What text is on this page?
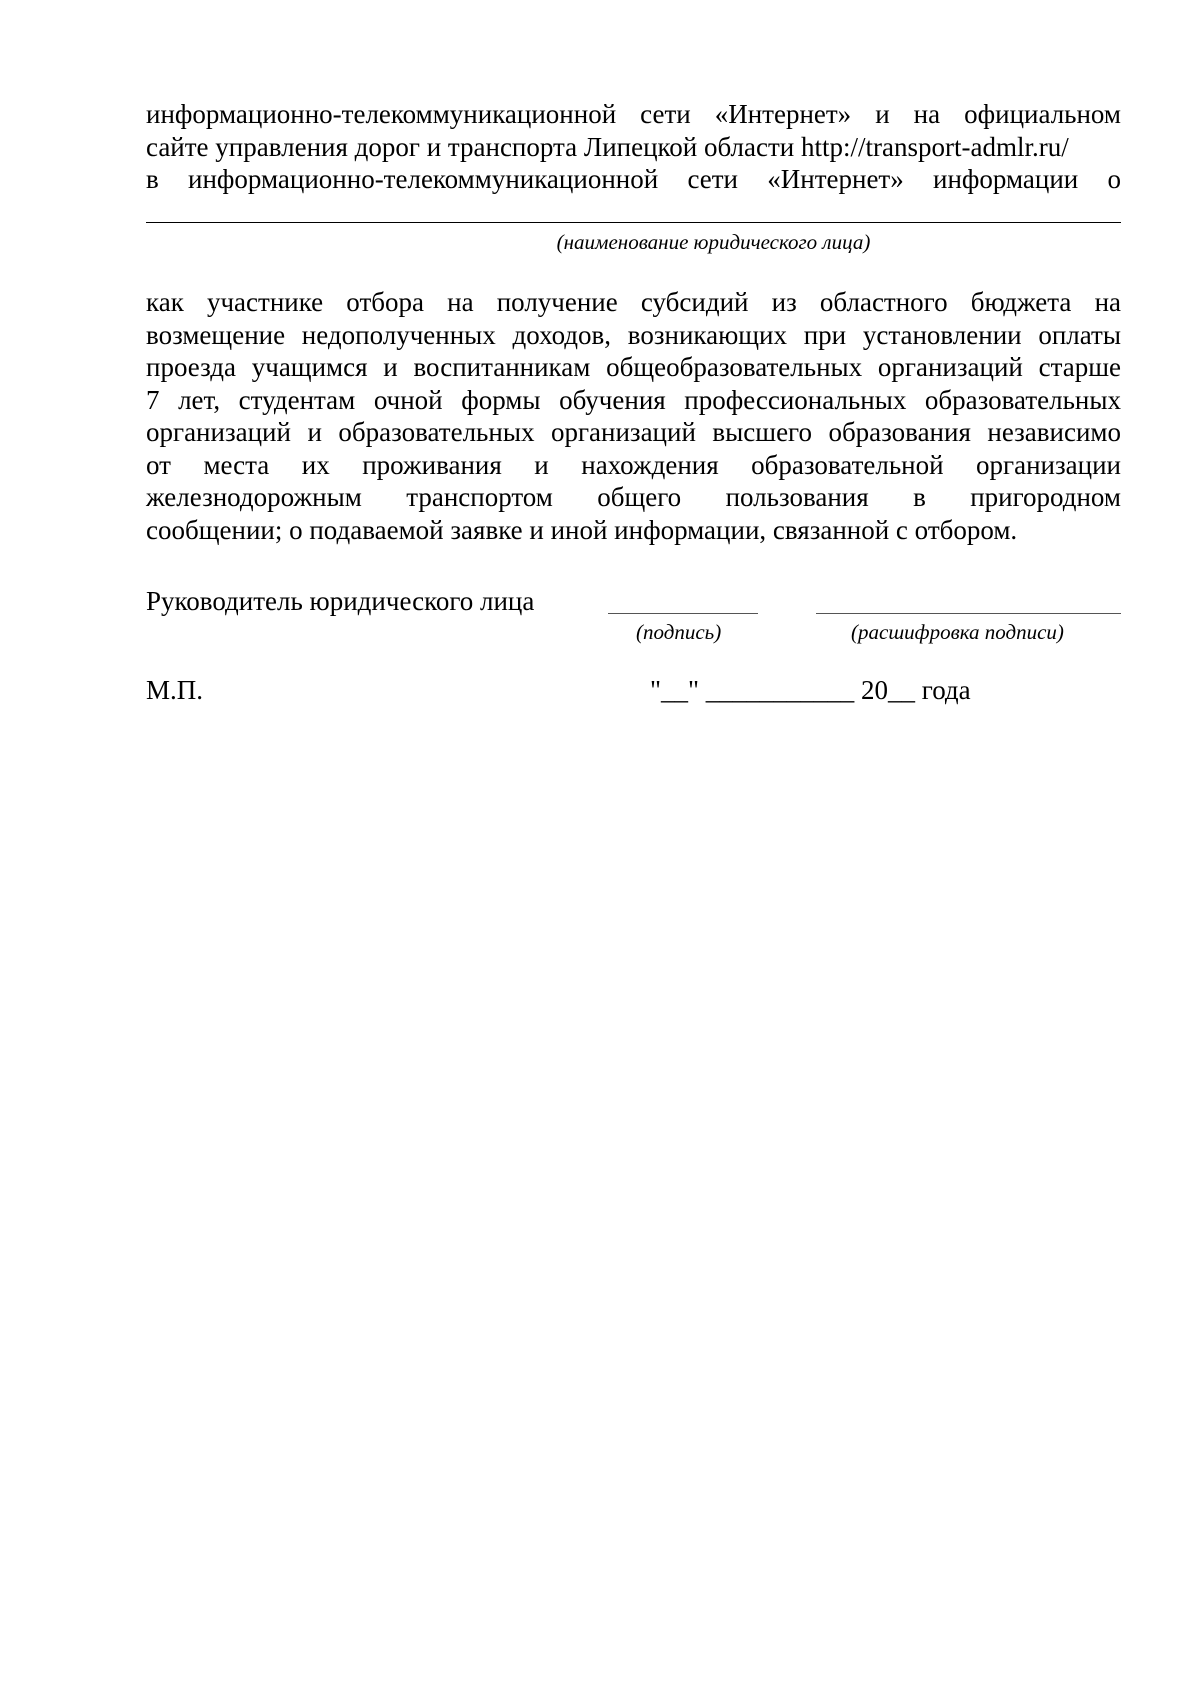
информационно-телекоммуникационной сети «Интернет» и на официальном
сайте управления дорог и транспорта Липецкой области http://transport-admlr.ru/
в информационно-телекоммуникационной сети «Интернет» информации о
(наименование юридического лица)
как участнике отбора на получение субсидий из областного бюджета на
возмещение недополученных доходов, возникающих при установлении оплаты
проезда учащимся и воспитанникам общеобразовательных организаций старше
7 лет, студентам очной формы обучения профессиональных образовательных
организаций и образовательных организаций высшего образования независимо
от места их проживания и нахождения образовательной организации
железнодорожным транспортом общего пользования в пригородном
сообщении; о подаваемой заявке и иной информации, связанной с отбором.
Руководитель юридического лица
(подпись)	(расшифровка подписи)
М.П.	"__" ___________ 20__ года
